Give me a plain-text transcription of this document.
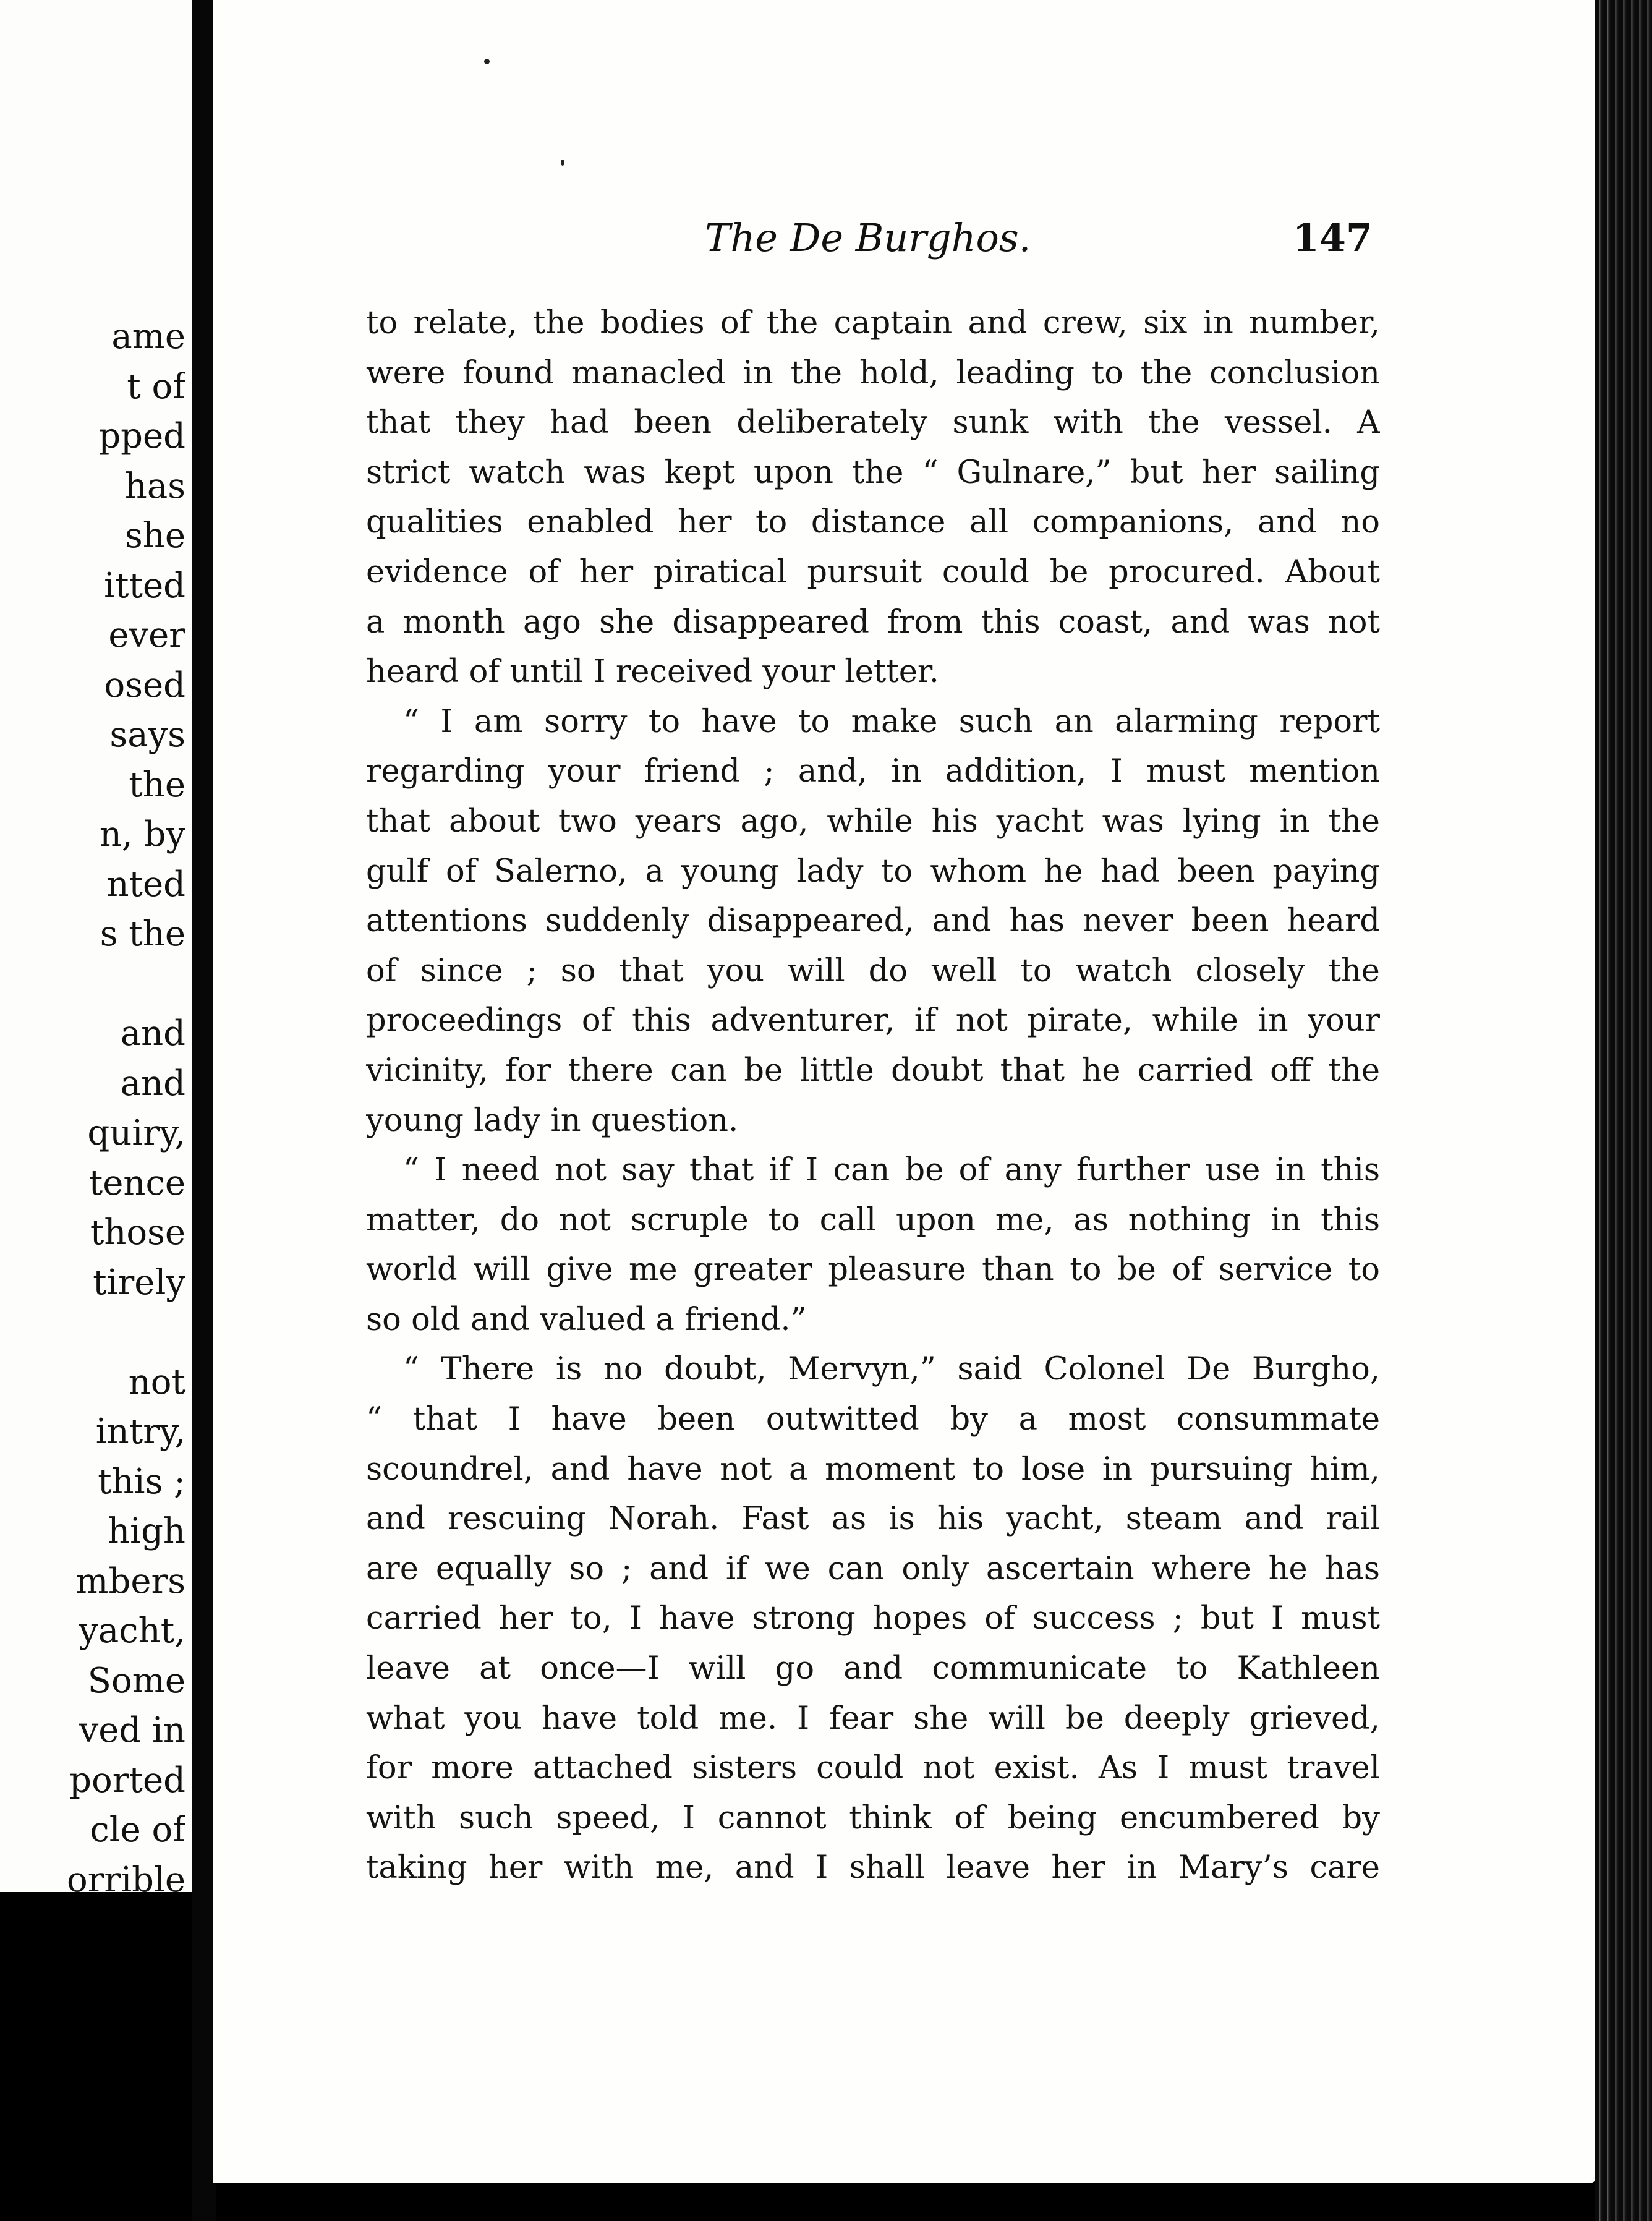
ame
t of
pped
has
she
itted
ever
osed
says
the
n, by
nted
s the
and
and
quiry,
tence
those
tirely
not
intry,
this ;
high
mbers
yacht,
Some
ved in
ported
cle of
orrible
The De Burghos.	147
to relate, the bodies of the captain and crew, six in number,
were found manacled in the hold, leading to the conclusion
that they had been deliberately sunk with the vessel. A
strict watch was kept upon the “ Gulnare,” but her sailing
qualities enabled her to distance all companions, and no
evidence of her piratical pursuit could be procured. About
a month ago she disappeared from this coast, and was not
heard of until I received your letter.
“ I am sorry to have to make such an alarming report
regarding your friend ; and, in addition, I must mention
that about two years ago, while his yacht was lying in the
gulf of Salerno, a young lady to whom he had been paying
attentions suddenly disappeared, and has never been heard
of since ; so that you will do well to watch closely the
proceedings of this adventurer, if not pirate, while in your
vicinity, for there can be little doubt that he carried off the
young lady in question.
“ I need not say that if I can be of any further use in this
matter, do not scruple to call upon me, as nothing in this
world will give me greater pleasure than to be of service to
so old and valued a friend.”
“ There is no doubt, Mervyn,” said Colonel De Burgho,
“ that I have been outwitted by a most consummate
scoundrel, and have not a moment to lose in pursuing him,
and rescuing Norah. Fast as is his yacht, steam and rail
are equally so ; and if we can only ascertain where he has
carried her to, I have strong hopes of success ; but I must
leave at once—I will go and communicate to Kathleen
what you have told me. I fear she will be deeply grieved,
for more attached sisters could not exist. As I must travel
with such speed, I cannot think of being encumbered by
taking her with me, and I shall leave her in Mary’s care
